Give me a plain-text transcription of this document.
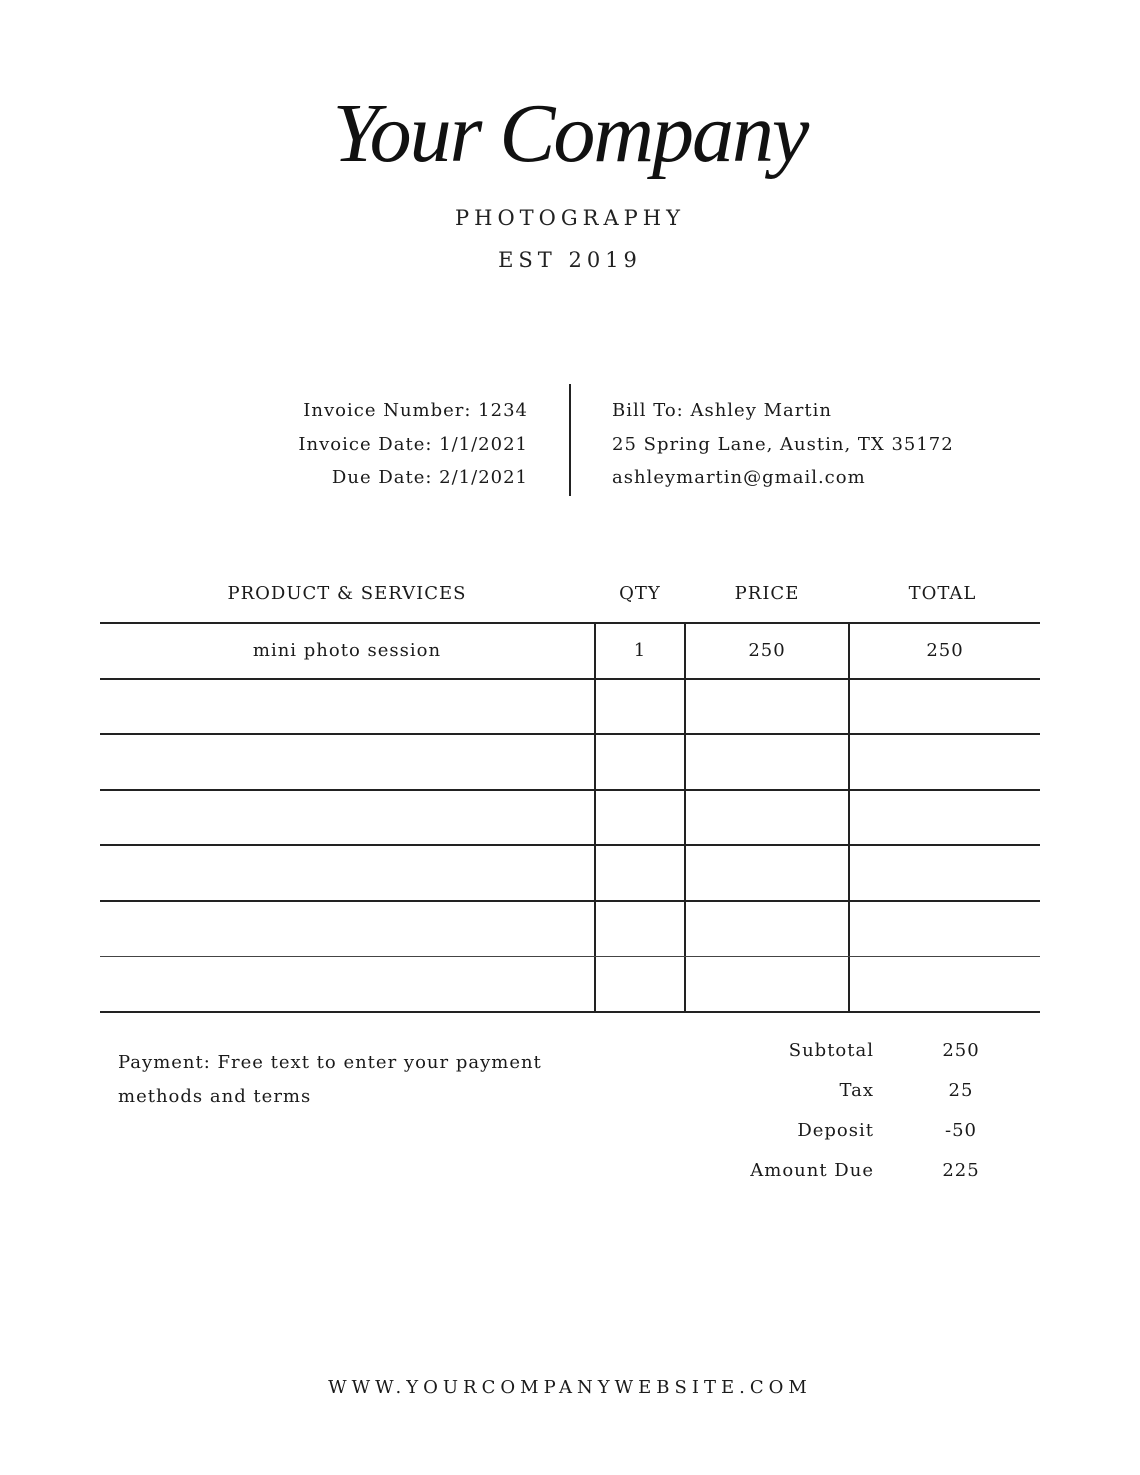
Your Company
PHOTOGRAPHY
EST 2019
Invoice Number: 1234
Invoice Date: 1/1/2021
Due Date: 2/1/2021
Bill To: Ashley Martin
25 Spring Lane, Austin, TX 35172
ashleymartin@gmail.com
PRODUCT & SERVICES	QTY	PRICE	TOTAL
mini photo session	1	250	250
Payment: Free text to enter your payment
methods and terms
Subtotal	250
Tax	25
Deposit	-50
Amount Due	225
WWW.YOURCOMPANYWEBSITE.COM
